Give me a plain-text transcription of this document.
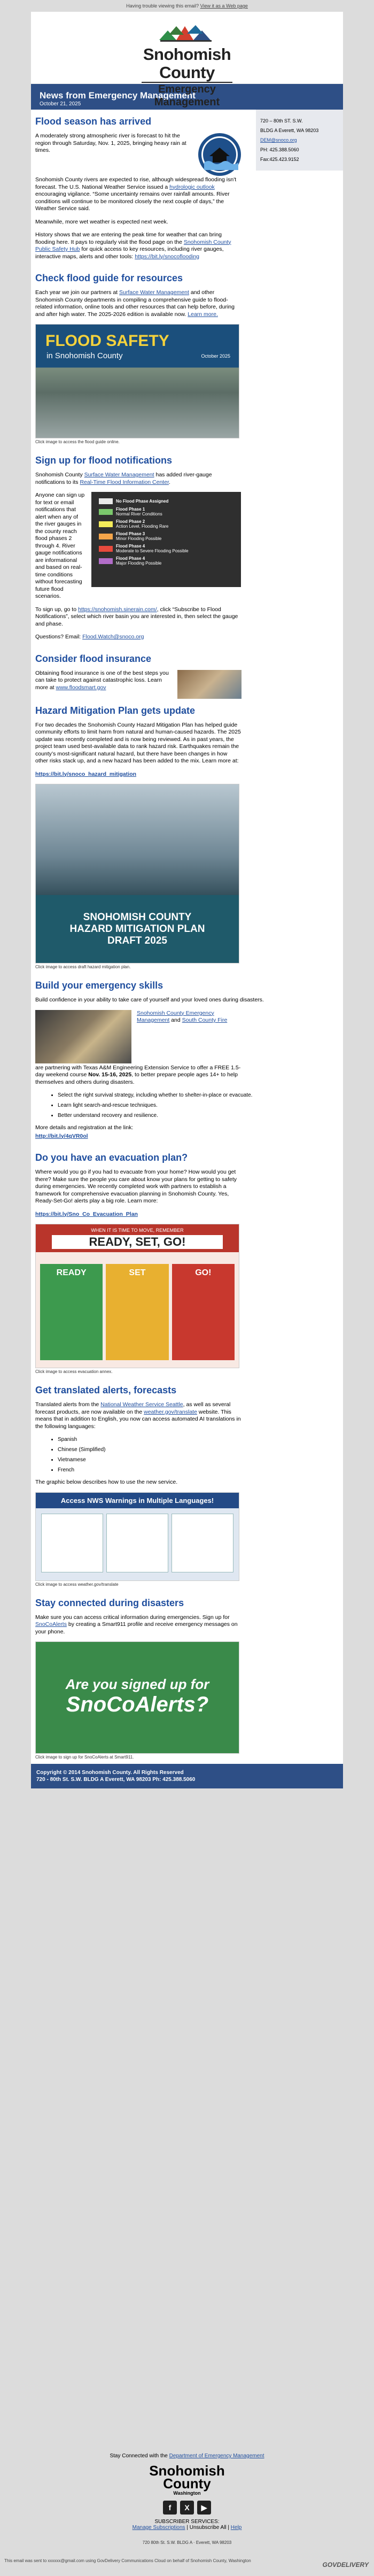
Having trouble viewing this email? View it as a Web page
Snohomish County
Emergency Management
News from Emergency Management
October 21, 2025
720 – 80th ST. S.W.
BLDG A Everett, WA 98203
DEM@snoco.org
PH: 425.388.5060
Fax:425.423.9152
Flood season has arrived

A moderately strong atmospheric river is forecast to hit the region through Saturday, Nov. 1, 2025, bringing heavy rain at times.

Snohomish County rivers are expected to rise, although widespread flooding isn't forecast. The U.S. National Weather Service issued a hydrologic outlook encouraging vigilance. “Some uncertainty remains over rainfall amounts. River conditions will continue to be monitored closely the next couple of days,” the Weather Service said.

Meanwhile, more wet weather is expected next week.

History shows that we are entering the peak time for weather that can bring flooding here. It pays to regularly visit the flood page on the Snohomish County Public Safety Hub for quick access to key resources, including river gauges, interactive maps, alerts and other tools: https://bit.ly/snocoflooding

Check flood guide for resources

Each year we join our partners at Surface Water Management and other Snohomish County departments in compiling a comprehensive guide to flood-related information, online tools and other resources that can help before, during and after high water. The 2025-2026 edition is available now. Learn more.

FLOOD SAFETY
in Snohomish County	October 2025
Click image to access the flood guide online.
Sign up for flood notifications

Snohomish County Surface Water Management has added river-gauge notifications to its Real-Time Flood Information Center.

Anyone can sign up for text or email notifications that alert when any of the river gauges in the county reach flood phases 2 through 4. River gauge notifications are informational and based on real-time conditions without forecasting future flood scenarios.

No Flood Phase Assigned

Flood Phase 1
Normal River Conditions
Flood Phase 2
Action Level, Flooding Rare
Flood Phase 3
Minor Flooding Possible
Flood Phase 4
Moderate to Severe Flooding Possible
Flood Phase 4
Major Flooding Possible

To sign up, go to https://snohomish.sinerain.com/, click “Subscribe to Flood Notifications”, select which river basin you are interested in, then select the gauge and phase.

Questions? Email: Flood.Watch@snoco.org

Consider flood insurance

Obtaining flood insurance is one of the best steps you can take to protect against catastrophic loss. Learn more at www.floodsmart.gov

Hazard Mitigation Plan gets update

For two decades the Snohomish County Hazard Mitigation Plan has helped guide community efforts to limit harm from natural and human-caused hazards. The 2025 update was recently completed and is now being reviewed. As in past years, the project team used best-available data to rank hazard risk. Earthquakes remain the county’s most-significant natural hazard, but there have been changes in how other risks stack up, and a new hazard has been added to the mix. Learn more at:

https://bit.ly/snoco_hazard_mitigation

SNOHOMISH COUNTY
HAZARD MITIGATION PLAN
DRAFT 2025
Click image to access draft hazard mitigation plan.
Build your emergency skills

Build confidence in your ability to take care of yourself and your loved ones during disasters.

Snohomish County Emergency Management and South County Fire

are partnering with Texas A&M Engineering Extension Service to offer a FREE 1.5-day weekend course Nov. 15-16, 2025, to better prepare people ages 14+ to help themselves and others during disasters.

• Select the right survival strategy, including whether to shelter-in-place or evacuate.
• Learn light search-and-rescue techniques.
• Better understand recovery and resilience.

More details and registration at the link:

http://bit.ly/4qVR0ol

Do you have an evacuation plan?

Where would you go if you had to evacuate from your home? How would you get there? Make sure the people you care about know your plans for getting to safety during emergencies. We recently completed work with partners to establish a framework for comprehensive evacuation planning in Snohomish County. Yes, Ready-Set-Go! alerts play a big role. Learn more:

https://bit.ly/Sno_Co_Evacuation_Plan

WHEN IT IS TIME TO MOVE, REMEMBER
READY, SET, GO!
READY	SET	GO!
Click image to access evacuation annex.
Get translated alerts, forecasts

Translated alerts from the National Weather Service Seattle, as well as several forecast products, are now available on the weather.gov/translate website. This means that in addition to English, you now can access automated AI translations in the following languages:

• Spanish
• Chinese (Simplified)
• Vietnamese
• French

The graphic below describes how to use the new service.

Access NWS Warnings in Multiple Languages!
Click image to access weather.gov/translate
Stay connected during disasters

Make sure you can access critical information during emergencies. Sign up for SnoCoAlerts by creating a Smart911 profile and receive emergency messages on your phone.

Are you signed up for
SnoCoAlerts?
Click image to sign up for SnoCoAlerts at Smart911.
Copyright © 2014 Snohomish County. All Rights Reserved
720 - 80th St. S.W. BLDG A Everett, WA 98203 Ph: 425.388.5060
Stay Connected with the Department of Emergency Management
Snohomish
County
Washington
f	X	▶
SUBSCRIBER SERVICES:
Manage Subscriptions | Unsubscribe All | Help
720 80th St. S.W. BLDG A · Everett, WA 98203
This email was sent to xxxxxx@gmail.com using GovDelivery Communications Cloud on behalf of Snohomish County, Washington
GOVDELIVERY
